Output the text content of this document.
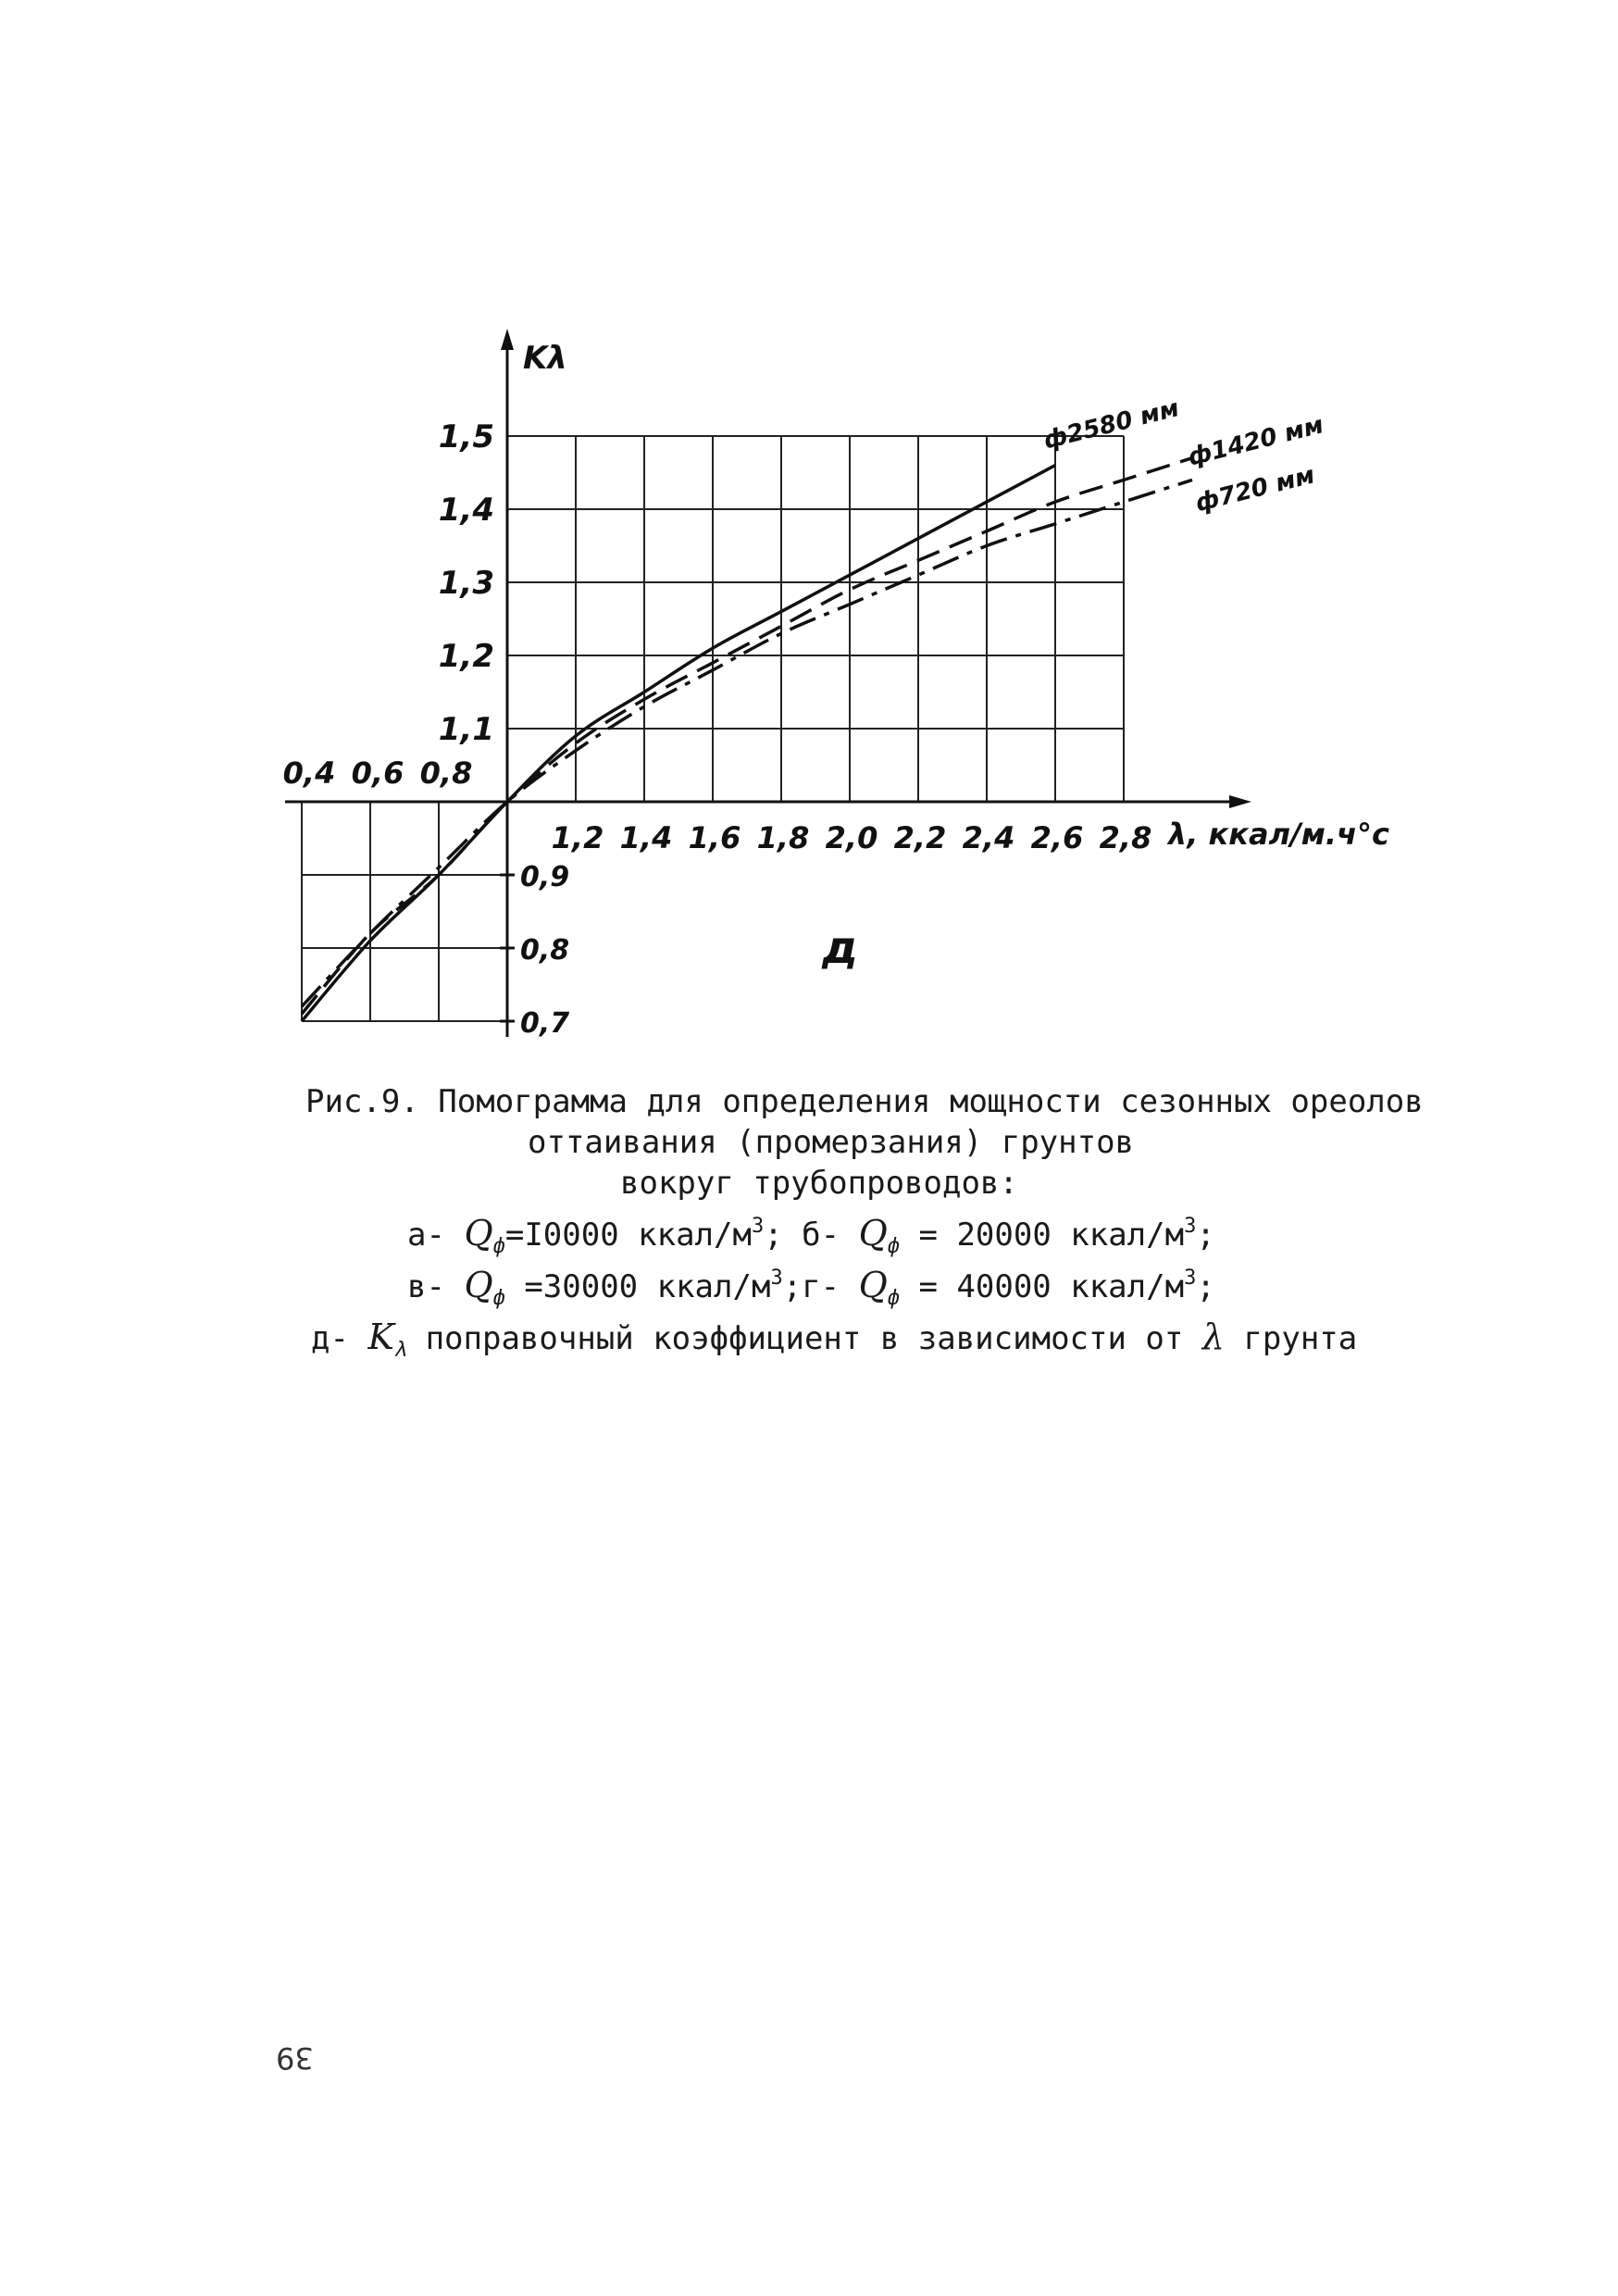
ф2580 мм ф1420 мм
ф720 мм
1,1
1,2
1,3
1,4
1,5
0,9
0,8
0,7
0,4 0,6 0,8
1,2 1,4 1,6 1,8 2,0 2,2 2,4 2,6 2,8
Kλ
λ, ккал/м.ч°c
д
Рис.9. Помограмма для определения мощности сезонных ореолов
оттаивания (промерзания) грунтов
вокруг трубопроводов:
а- $Q_ф=I0000$ ккал/$м^3$; б- $Q_ф = 20000$ ккал/$м^3$;
в- $Q_ф =30000$ ккал/$м^3;г-$ $Q_ф = 40000$ ккал/$м^3$;
д- $K_\lambda$ поправочный коэффициент в зависимости от λ грунта
39
